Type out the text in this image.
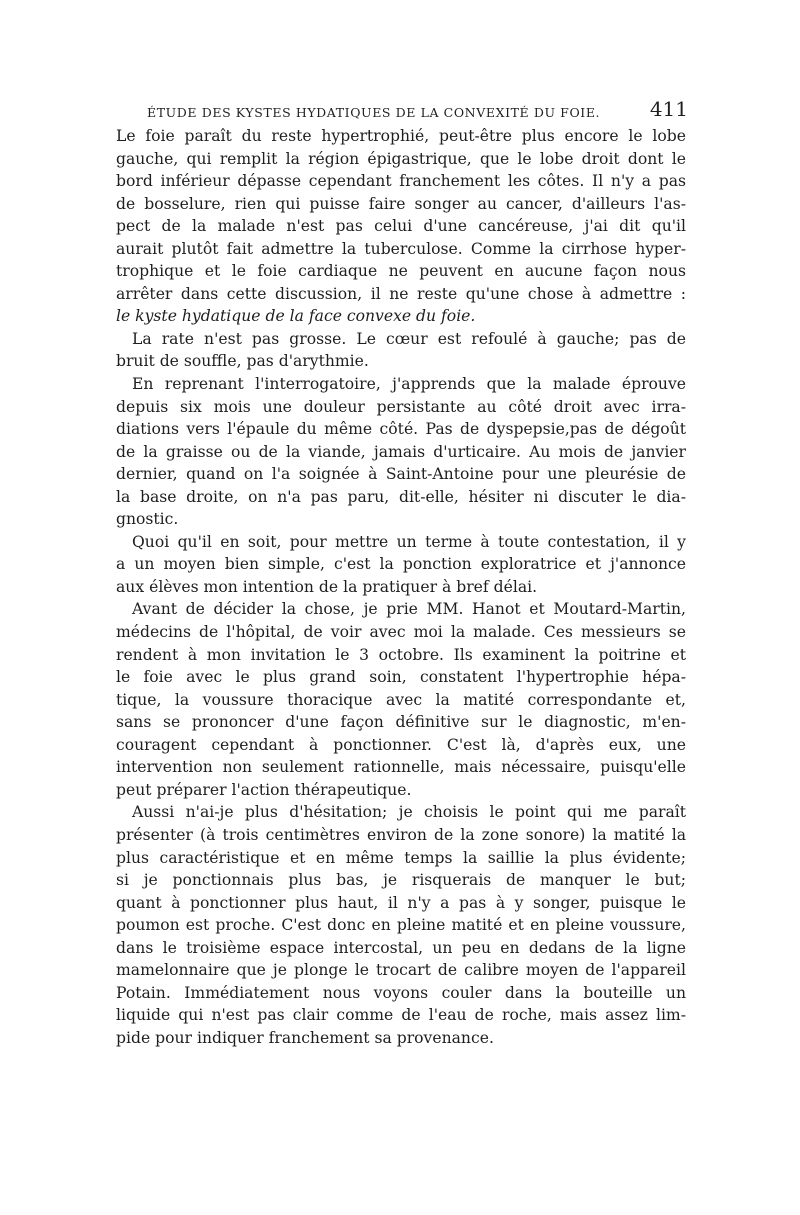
ÉTUDE DES KYSTES HYDATIQUES DE LA CONVEXITÉ DU FOIE. 411
Le foie paraît du reste hypertrophié, peut-être plus encore le lobe
gauche, qui remplit la région épigastrique, que le lobe droit dont le
bord inférieur dépasse cependant franchement les côtes. Il n'y a pas
de bosselure, rien qui puisse faire songer au cancer, d'ailleurs l'as-
pect de la malade n'est pas celui d'une cancéreuse, j'ai dit qu'il
aurait plutôt fait admettre la tuberculose. Comme la cirrhose hyper-
trophique et le foie cardiaque ne peuvent en aucune façon nous
arrêter dans cette discussion, il ne reste qu'une chose à admettre :
le kyste hydatique de la face convexe du foie.
La rate n'est pas grosse. Le cœur est refoulé à gauche; pas de
bruit de souffle, pas d'arythmie.
En reprenant l'interrogatoire, j'apprends que la malade éprouve
depuis six mois une douleur persistante au côté droit avec irra-
diations vers l'épaule du même côté. Pas de dyspepsie,pas de dégoût
de la graisse ou de la viande, jamais d'urticaire. Au mois de janvier
dernier, quand on l'a soignée à Saint-Antoine pour une pleurésie de
la base droite, on n'a pas paru, dit-elle, hésiter ni discuter le dia-
gnostic.
Quoi qu'il en soit, pour mettre un terme à toute contestation, il y
a un moyen bien simple, c'est la ponction exploratrice et j'annonce
aux élèves mon intention de la pratiquer à bref délai.
Avant de décider la chose, je prie MM. Hanot et Moutard-Martin,
médecins de l'hôpital, de voir avec moi la malade. Ces messieurs se
rendent à mon invitation le 3 octobre. Ils examinent la poitrine et
le foie avec le plus grand soin, constatent l'hypertrophie hépa-
tique, la voussure thoracique avec la matité correspondante et,
sans se prononcer d'une façon définitive sur le diagnostic, m'en-
couragent cependant à ponctionner. C'est là, d'après eux, une
intervention non seulement rationnelle, mais nécessaire, puisqu'elle
peut préparer l'action thérapeutique.
Aussi n'ai-je plus d'hésitation; je choisis le point qui me paraît
présenter (à trois centimètres environ de la zone sonore) la matité la
plus caractéristique et en même temps la saillie la plus évidente;
si je ponctionnais plus bas, je risquerais de manquer le but;
quant à ponctionner plus haut, il n'y a pas à y songer, puisque le
poumon est proche. C'est donc en pleine matité et en pleine voussure,
dans le troisième espace intercostal, un peu en dedans de la ligne
mamelonnaire que je plonge le trocart de calibre moyen de l'appareil
Potain. Immédiatement nous voyons couler dans la bouteille un
liquide qui n'est pas clair comme de l'eau de roche, mais assez lim-
pide pour indiquer franchement sa provenance.
